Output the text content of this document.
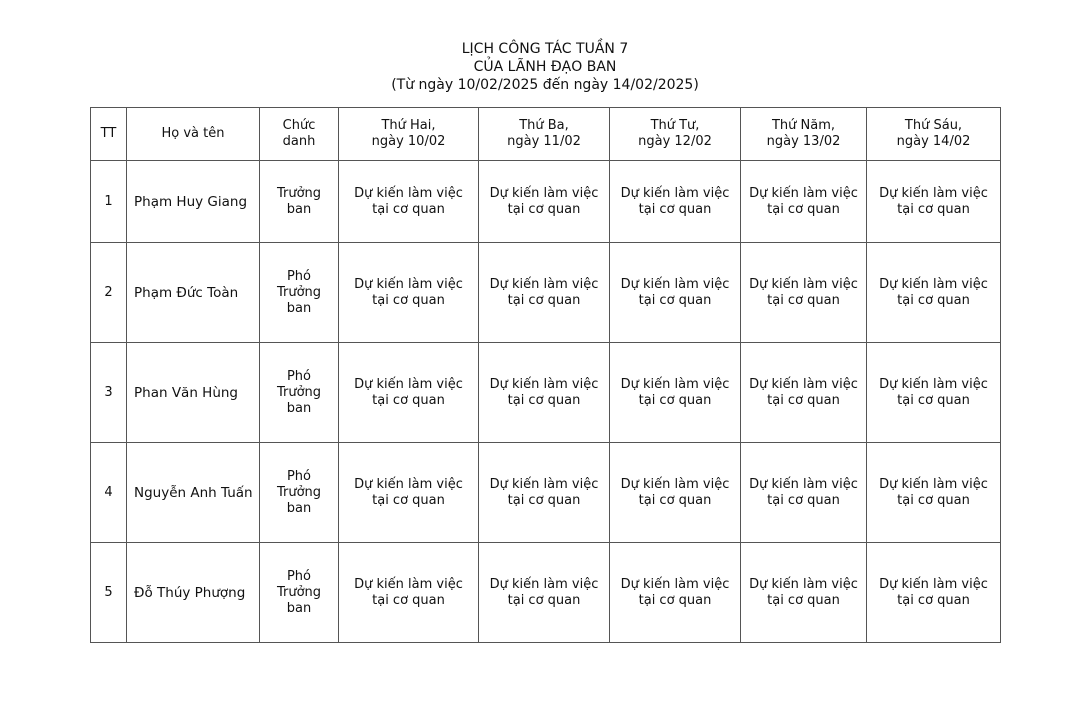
LỊCH CÔNG TÁC TUẦN 7
CỦA LÃNH ĐẠO BAN
(Từ ngày 10/02/2025 đến ngày 14/02/2025)
TT	Họ và tên	Chức
danh	Thứ Hai,
ngày 10/02	Thứ Ba,
ngày 11/02	Thứ Tư,
ngày 12/02	Thứ Năm,
ngày 13/02	Thứ Sáu,
ngày 14/02

1	Phạm Huy Giang	Trưởng
ban	Dự kiến làm việc
tại cơ quan	Dự kiến làm việc
tại cơ quan	Dự kiến làm việc
tại cơ quan	Dự kiến làm việc
tại cơ quan	Dự kiến làm việc
tại cơ quan

2	Phạm Đức Toàn	Phó
Trưởng
ban	Dự kiến làm việc
tại cơ quan	Dự kiến làm việc
tại cơ quan	Dự kiến làm việc
tại cơ quan	Dự kiến làm việc
tại cơ quan	Dự kiến làm việc
tại cơ quan

3	Phan Văn Hùng	Phó
Trưởng
ban	Dự kiến làm việc
tại cơ quan	Dự kiến làm việc
tại cơ quan	Dự kiến làm việc
tại cơ quan	Dự kiến làm việc
tại cơ quan	Dự kiến làm việc
tại cơ quan

4	Nguyễn Anh Tuấn	Phó
Trưởng
ban	Dự kiến làm việc
tại cơ quan	Dự kiến làm việc
tại cơ quan	Dự kiến làm việc
tại cơ quan	Dự kiến làm việc
tại cơ quan	Dự kiến làm việc
tại cơ quan

5	Đỗ Thúy Phượng	Phó
Trưởng
ban	Dự kiến làm việc
tại cơ quan	Dự kiến làm việc
tại cơ quan	Dự kiến làm việc
tại cơ quan	Dự kiến làm việc
tại cơ quan	Dự kiến làm việc
tại cơ quan
